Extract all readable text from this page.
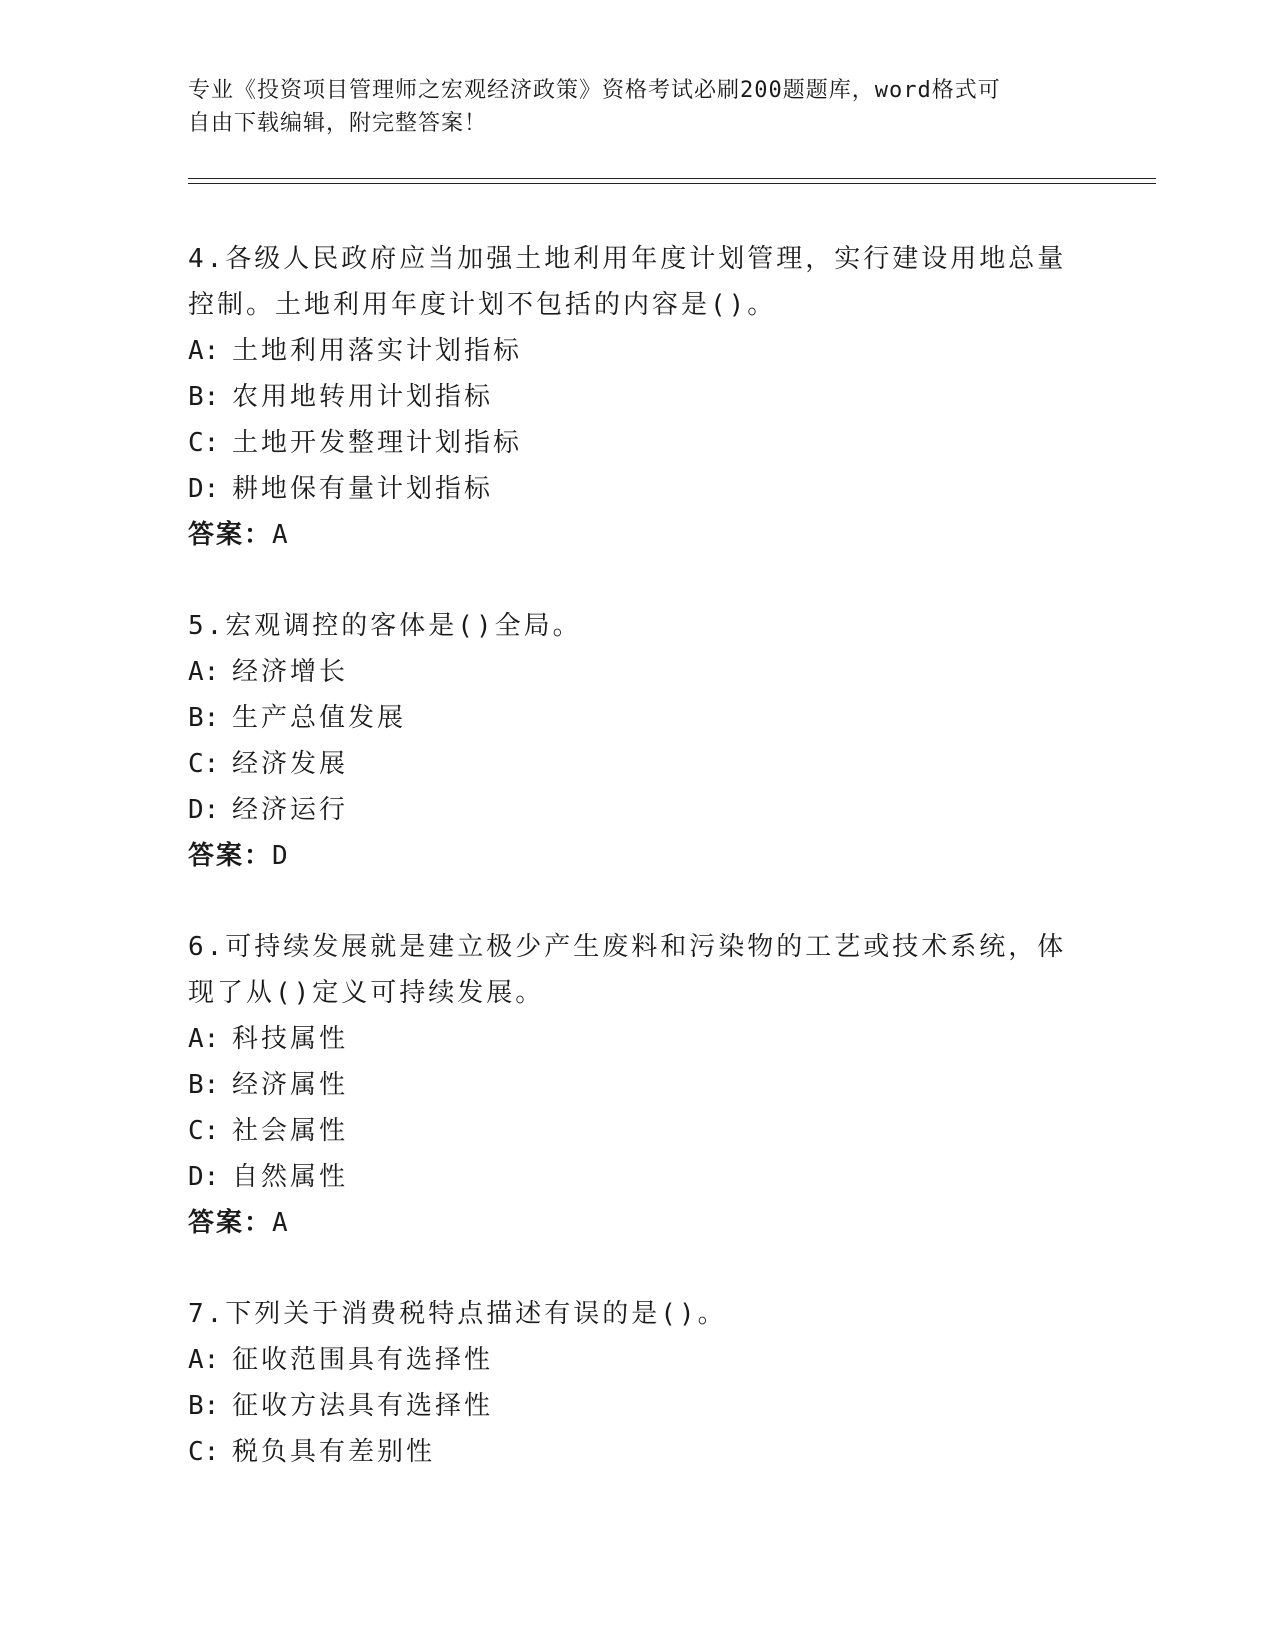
专业《投资项目管理师之宏观经济政策》资格考试必刷200题题库，word格式可
自由下载编辑，附完整答案！
4.各级人民政府应当加强土地利用年度计划管理，实行建设用地总量
控制。土地利用年度计划不包括的内容是()。
A: 土地利用落实计划指标
B: 农用地转用计划指标
C: 土地开发整理计划指标
D: 耕地保有量计划指标
答案：A
5.宏观调控的客体是()全局。
A: 经济增长
B: 生产总值发展
C: 经济发展
D: 经济运行
答案：D
6.可持续发展就是建立极少产生废料和污染物的工艺或技术系统，体
现了从()定义可持续发展。
A: 科技属性
B: 经济属性
C: 社会属性
D: 自然属性
答案：A
7.下列关于消费税特点描述有误的是()。
A: 征收范围具有选择性
B: 征收方法具有选择性
C: 税负具有差别性
